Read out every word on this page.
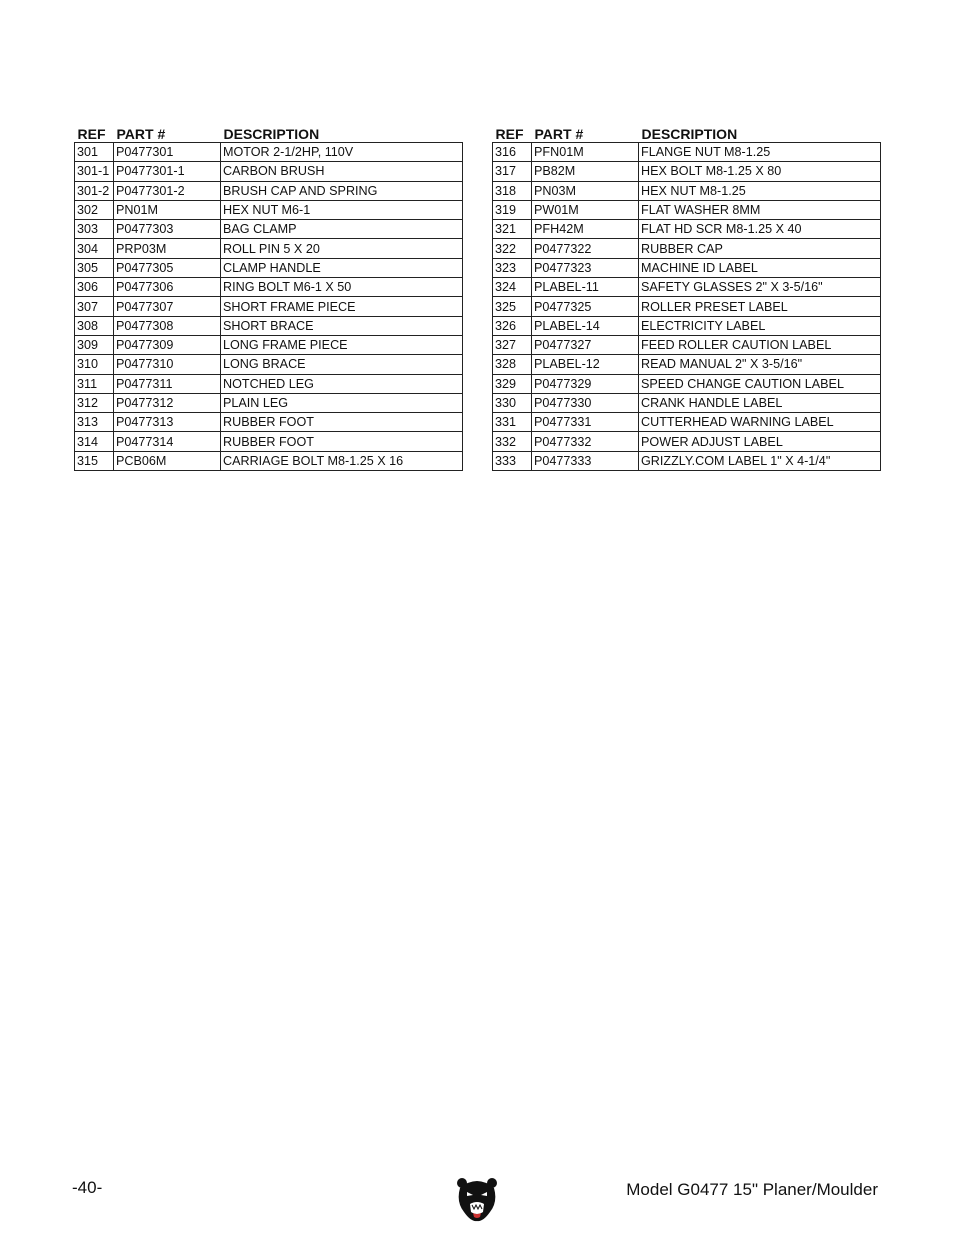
REF	PART #	DESCRIPTION
301	P0477301	MOTOR 2-1/2HP, 110V
301-1	P0477301-1	CARBON BRUSH
301-2	P0477301-2	BRUSH CAP AND SPRING
302	PN01M	HEX NUT M6-1
303	P0477303	BAG CLAMP
304	PRP03M	ROLL PIN 5 X 20
305	P0477305	CLAMP HANDLE
306	P0477306	RING BOLT M6-1 X 50
307	P0477307	SHORT FRAME PIECE
308	P0477308	SHORT BRACE
309	P0477309	LONG FRAME PIECE
310	P0477310	LONG BRACE
311	P0477311	NOTCHED LEG
312	P0477312	PLAIN LEG
313	P0477313	RUBBER FOOT
314	P0477314	RUBBER FOOT
315	PCB06M	CARRIAGE BOLT M8-1.25 X 16
REF	PART #	DESCRIPTION
316	PFN01M	FLANGE NUT M8-1.25
317	PB82M	HEX BOLT M8-1.25 X 80
318	PN03M	HEX NUT M8-1.25
319	PW01M	FLAT WASHER 8MM
321	PFH42M	FLAT HD SCR M8-1.25 X 40
322	P0477322	RUBBER CAP
323	P0477323	MACHINE ID LABEL
324	PLABEL-11	SAFETY GLASSES 2" X 3-5/16"
325	P0477325	ROLLER PRESET LABEL
326	PLABEL-14	ELECTRICITY LABEL
327	P0477327	FEED ROLLER CAUTION LABEL
328	PLABEL-12	READ MANUAL 2" X 3-5/16"
329	P0477329	SPEED CHANGE CAUTION LABEL
330	P0477330	CRANK HANDLE LABEL
331	P0477331	CUTTERHEAD WARNING LABEL
332	P0477332	POWER ADJUST LABEL
333	P0477333	GRIZZLY.COM LABEL 1" X 4-1/4"
-40-	Model G0477 15" Planer/Moulder
